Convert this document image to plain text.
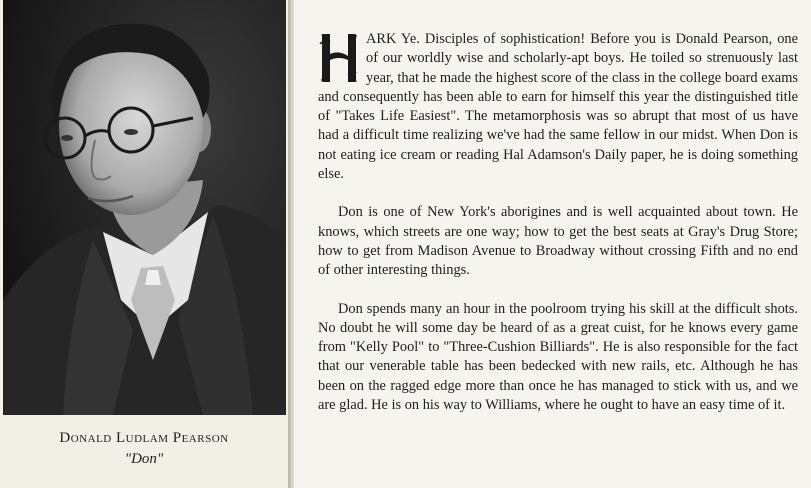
Donald Ludlam Pearson
"Don"

ARK Ye. Disciples of sophistication! Before you is Donald Pearson, one of our worldly wise and scholarly-apt boys. He toiled so strenuously last year, that he made the highest score of the class in the college board exams and consequently has been able to earn for himself this year the distinguished title of "Takes Life Easiest". The metamorphosis was so abrupt that most of us have had a difficult time realizing we've had the same fellow in our midst. When Don is not eating ice cream or reading Hal Adamson's Daily paper, he is doing something else.

Don is one of New York's aborigines and is well acquainted about town. He knows, which streets are one way; how to get the best seats at Gray's Drug Store; how to get from Madison Avenue to Broadway without crossing Fifth and no end of other interesting things.

Don spends many an hour in the poolroom trying his skill at the difficult shots. No doubt he will some day be heard of as a great cuist, for he knows every game from "Kelly Pool" to "Three-Cushion Billiards". He is also responsible for the fact that our venerable table has been bedecked with new rails, etc. Although he has been on the ragged edge more than once he has managed to stick with us, and we are glad. He is on his way to Williams, where he ought to have an easy time of it.
